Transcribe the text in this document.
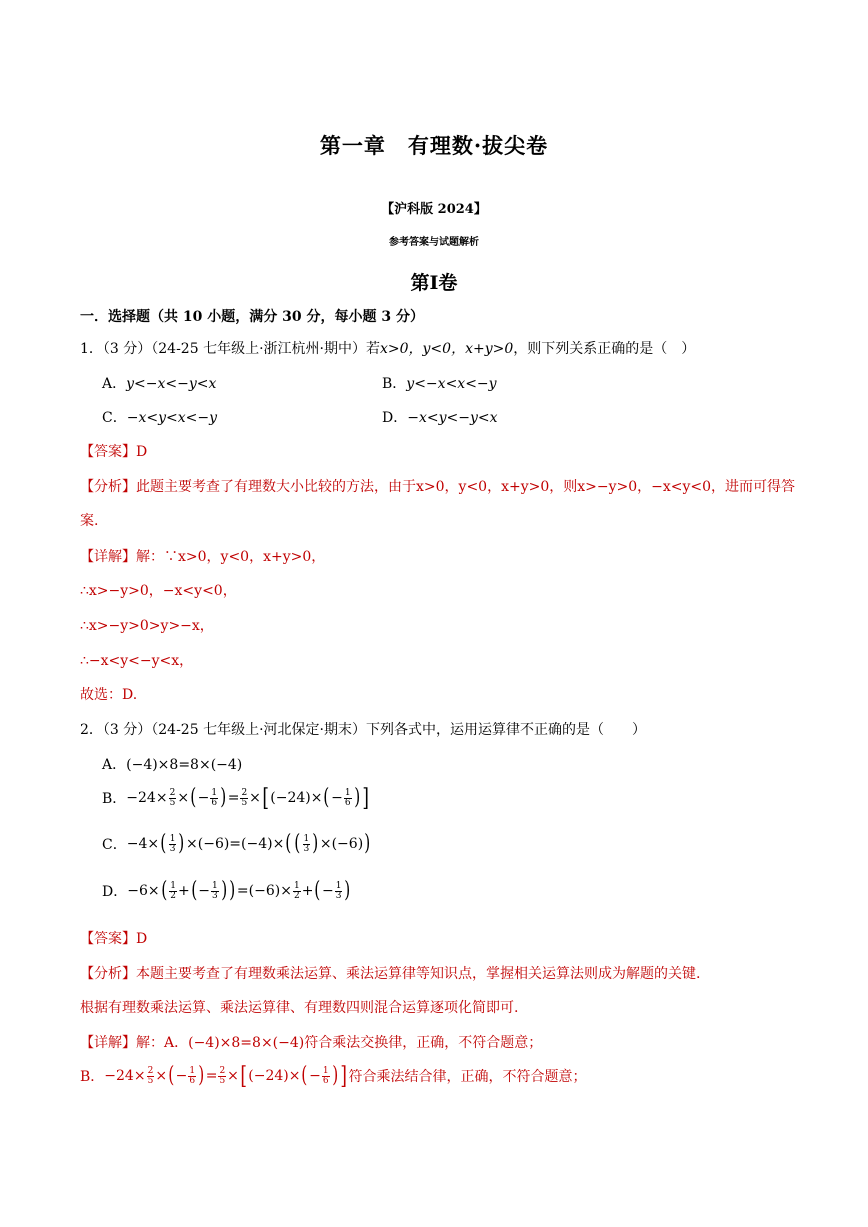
第一章　有理数·拔尖卷
【沪科版 2024】
参考答案与试题解析
第Ⅰ卷
一．选择题（共 10 小题，满分 30 分，每小题 3 分）
1．（3 分）（24-25 七年级上·浙江杭州·期中）若x>0，y<0，x+y>0，则下列关系正确的是（　）
A．y<−x<−y<x	B．y<−x<x<−y
C．−x<y<x<−y	D．−x<y<−y<x
【答案】D
【分析】此题主要考查了有理数大小比较的方法，由于x>0，y<0，x+y>0，则x>−y>0，−x<y<0，进而可得答
案.
【详解】解：∵x>0，y<0，x+y>0，
∴x>−y>0，−x<y<0，
∴x>−y>0>y>−x，
∴−x<y<−y<x，
故选：D.
2．（3 分）（24-25 七年级上·河北保定·期末）下列各式中，运用运算律不正确的是（　　）
A．(−4)×8=8×(−4)
B． $-24\times \frac{2}{5}$ × ( − $\frac{1}{6}$ ) = $\frac{2}{5}$ × [ (−24)× ( − $\frac{1}{6}$ ) ]
C． −4× ( $\frac{1}{3}$ ) ×(−6)=(−4)× ( ( $\frac{1}{3}$ ) ×(−6) )
D． −6× ( $\frac{1}{2}$ + ( − $\frac{1}{3}$ ) ) $=(-6)\times \frac{1}{2}$ + ( − $\frac{1}{3}$ )
【答案】D
【分析】本题主要考查了有理数乘法运算、乘法运算律等知识点，掌握相关运算法则成为解题的关键.
根据有理数乘法运算、乘法运算律、有理数四则混合运算逐项化简即可.
【详解】解：A．(−4)×8=8×(−4)符合乘法交换律，正确，不符合题意；
B． $-24\times \frac{2}{5}$ × ( − $\frac{1}{6}$ ) = $\frac{2}{5}$ × [ (−24)× ( − $\frac{1}{6}$ ) ] 符合乘法结合律，正确，不符合题意；
